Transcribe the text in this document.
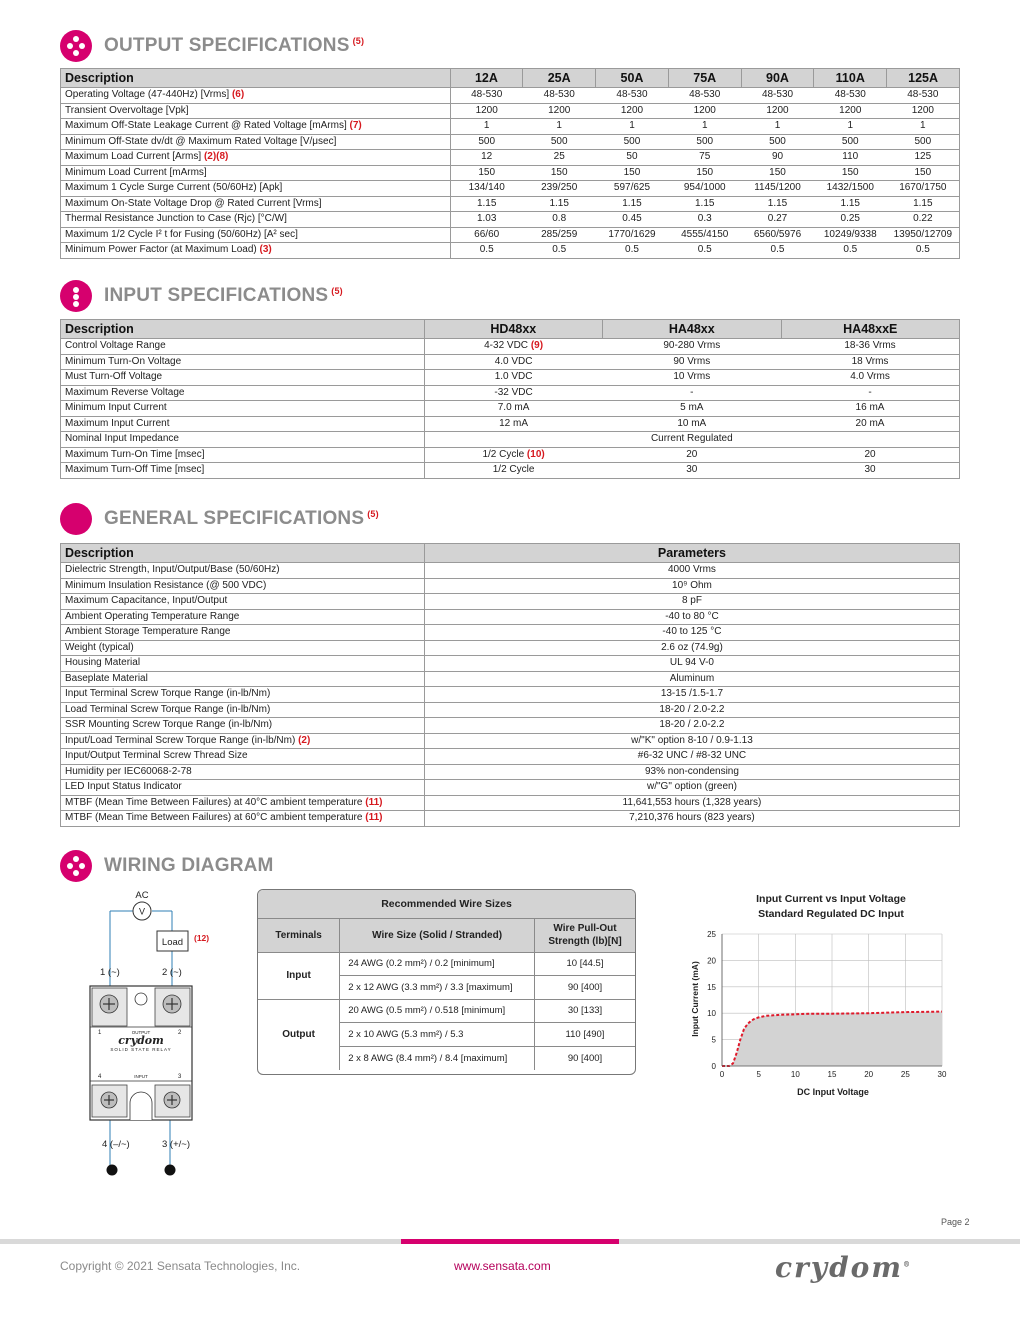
OUTPUT SPECIFICATIONS $^{(5)}$
Description	12A	25A	50A	75A	90A	110A	125A
Operating Voltage (47-440Hz) [Vrms] (6)	48-530	48-530	48-530	48-530	48-530	48-530	48-530
Transient Overvoltage [Vpk]	1200	1200	1200	1200	1200	1200	1200
Maximum Off-State Leakage Current @ Rated Voltage [mArms] (7)	1	1	1	1	1	1	1
Minimum Off-State dv/dt @ Maximum Rated Voltage [V/μsec]	500	500	500	500	500	500	500
Maximum Load Current [Arms] (2)(8)	12	25	50	75	90	110	125
Minimum Load Current [mArms]	150	150	150	150	150	150	150
Maximum 1 Cycle Surge Current (50/60Hz) [Apk]	134/140	239/250	597/625	954/1000	1145/1200	1432/1500	1670/1750
Maximum On-State Voltage Drop @ Rated Current [Vrms]	1.15	1.15	1.15	1.15	1.15	1.15	1.15
Thermal Resistance Junction to Case (Rjc) [°C/W]	1.03	0.8	0.45	0.3	0.27	0.25	0.22
Maximum 1/2 Cycle I² t for Fusing (50/60Hz) [A² sec]	66/60	285/259	1770/1629	4555/4150	6560/5976	10249/9338	13950/12709
Minimum Power Factor (at Maximum Load) (3)	0.5	0.5	0.5	0.5	0.5	0.5	0.5
INPUT SPECIFICATIONS $^{(5)}$
Description	HD48xx	HA48xx	HA48xxE
Control Voltage Range	4-32 VDC (9)	90-280 Vrms	18-36 Vrms
Minimum Turn-On Voltage	4.0 VDC	90 Vrms	18 Vrms
Must Turn-Off Voltage	1.0 VDC	10 Vrms	4.0 Vrms
Maximum Reverse Voltage	-32 VDC	-	-
Minimum Input Current	7.0 mA	5 mA	16 mA
Maximum Input Current	12 mA	10 mA	20 mA
Nominal Input Impedance	Current Regulated		
Maximum Turn-On Time [msec]	1/2 Cycle (10)	20	20
Maximum Turn-Off Time [msec]	1/2 Cycle	30	30
GENERAL SPECIFICATIONS $^{(5)}$
Description	Parameters
Dielectric Strength, Input/Output/Base (50/60Hz)	4000 Vrms
Minimum Insulation Resistance (@ 500 VDC)	10⁹ Ohm
Maximum Capacitance, Input/Output	8 pF
Ambient Operating Temperature Range	-40 to 80 °C
Ambient Storage Temperature Range	-40 to 125 °C
Weight (typical)	2.6 oz (74.9g)
Housing Material	UL 94 V-0
Baseplate Material	Aluminum
Input Terminal Screw Torque Range (in-lb/Nm)	13-15 /1.5-1.7
Load Terminal Screw Torque Range (in-lb/Nm)	18-20 / 2.0-2.2
SSR Mounting Screw Torque Range (in-lb/Nm)	18-20 / 2.0-2.2
Input/Load Terminal Screw Torque Range (in-lb/Nm) (2)	w/"K" option 8-10 / 0.9-1.13
Input/Output Terminal Screw Thread Size	#6-32 UNC / #8-32 UNC
Humidity per IEC60068-2-78	93% non-condensing
LED Input Status Indicator	w/"G" option (green)
MTBF (Mean Time Between Failures) at 40°C ambient temperature (11)	11,641,553 hours (1,328 years)
MTBF (Mean Time Between Failures) at 60°C ambient temperature (11)	7,210,376 hours (823 years)
WIRING DIAGRAM
AC
V
Load (12)
1 (~)	2 (~)
1	2
OUTPUT
crydom
SOLID STATE RELAY
4	3
INPUT
4 (–/~)	3 (+/~)
Recommended Wire Sizes		
Terminals	Wire Size (Solid / Stranded)	Wire Pull-Out Strength (lb)[N]
Input	24 AWG (0.2 mm²) / 0.2 [minimum]	10 [44.5]
	2 x 12 AWG (3.3 mm²) / 3.3 [maximum]	90 [400]
Output	20 AWG (0.5 mm²) / 0.518 [minimum]	30 [133]
	2 x 10 AWG (5.3 mm²) / 5.3	110 [490]
	2 x 8 AWG (8.4 mm²) / 8.4 [maximum]	90 [400]
Input Current vs Input Voltage
Standard Regulated DC Input
0	5	10	15	20	25	30
0
5
10
15
20
25
DC Input Voltage
Input Current (mA)
Page 2
Copyright © 2021 Sensata Technologies, Inc.	www.sensata.com	crydom®
